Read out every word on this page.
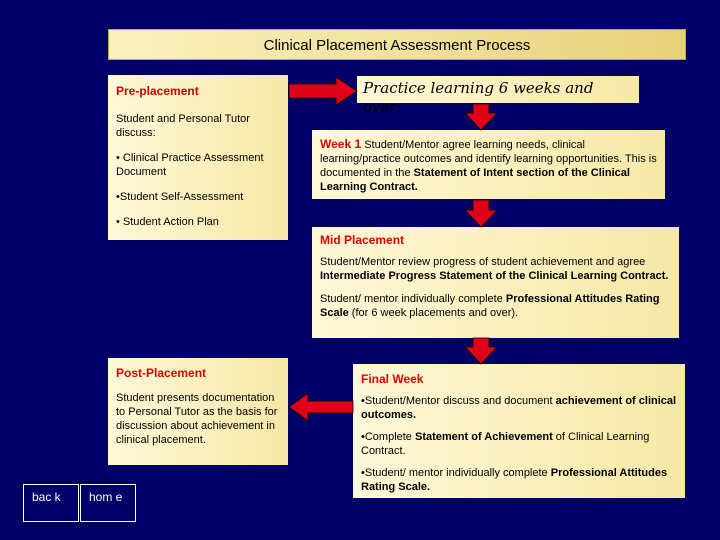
Clinical Placement Assessment Process
Pre-placement

Student and Personal Tutor discuss:

• Clinical Practice Assessment Document

•Student Self-Assessment

• Student Action Plan

Practice learning 6 weeks and over:

Week 1 Student/Mentor agree learning needs, clinical learning/practice outcomes and identify learning opportunities. This is documented in the Statement of Intent section of the Clinical Learning Contract.

Mid Placement

Student/Mentor review progress of student achievement and agree Intermediate Progress Statement of the Clinical Learning Contract.

Student/ mentor individually complete Professional Attitudes Rating Scale (for 6 week placements and over).

Post-Placement

Student presents documentation to Personal Tutor as the basis for discussion about achievement in clinical placement.

Final Week

•Student/Mentor discuss and document achievement of clinical outcomes.

•Complete Statement of Achievement of Clinical Learning Contract.

•Student/ mentor individually complete Professional Attitudes Rating Scale.

bac k	hom e
